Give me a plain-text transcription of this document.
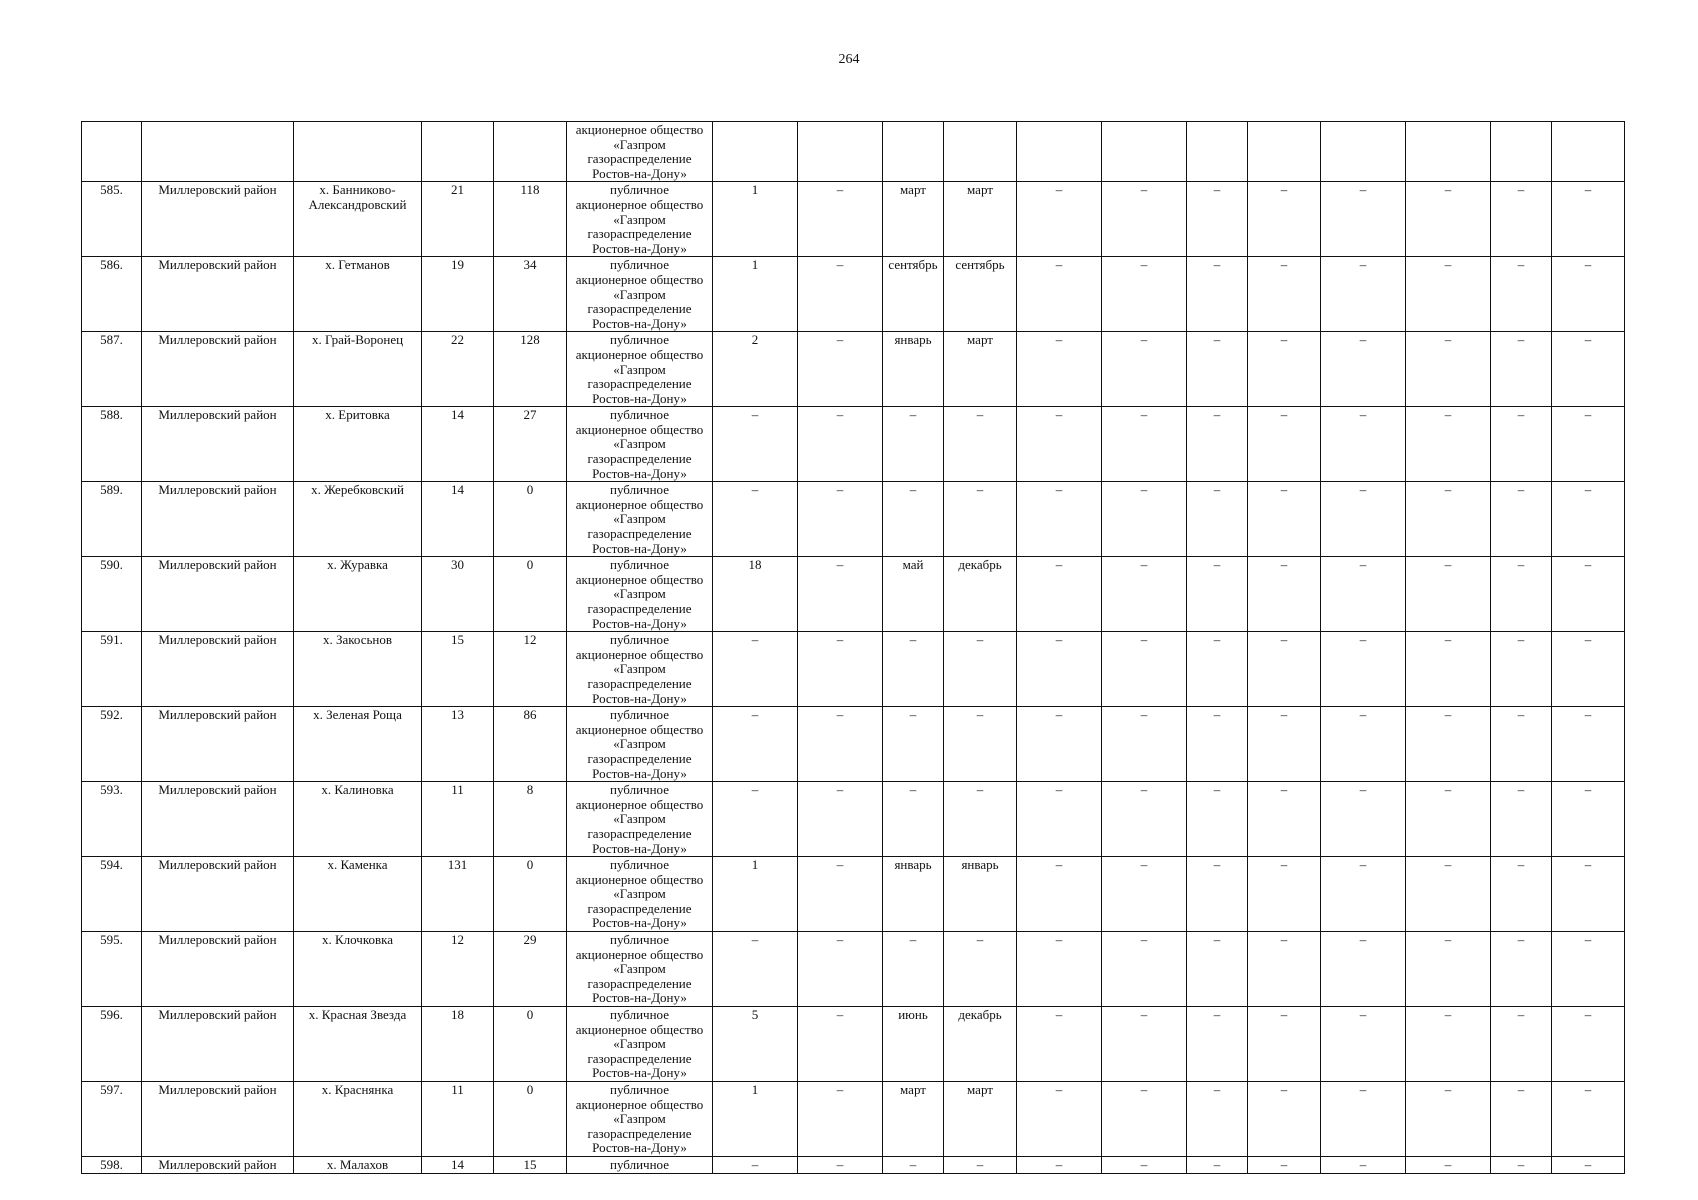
264

					акционерное общество
«Газпром
газораспределение
Ростов-на-Дону»												

585.	Миллеровский район	х. Банниково-Александровский	21	118	публичное
акционерное общество
«Газпром
газораспределение
Ростов-на-Дону»	1	–	март	март	–	–	–	–	–	–	–	–
586.	Миллеровский район	х. Гетманов	19	34	публичное
акционерное общество
«Газпром
газораспределение
Ростов-на-Дону»	1	–	сентябрь	сентябрь	–	–	–	–	–	–	–	–
587.	Миллеровский район	х. Грай-Воронец	22	128	публичное
акционерное общество
«Газпром
газораспределение
Ростов-на-Дону»	2	–	январь	март	–	–	–	–	–	–	–	–
588.	Миллеровский район	х. Еритовка	14	27	публичное
акционерное общество
«Газпром
газораспределение
Ростов-на-Дону»	–	–	–	–	–	–	–	–	–	–	–	–
589.	Миллеровский район	х. Жеребковский	14	0	публичное
акционерное общество
«Газпром
газораспределение
Ростов-на-Дону»	–	–	–	–	–	–	–	–	–	–	–	–
590.	Миллеровский район	х. Журавка	30	0	публичное
акционерное общество
«Газпром
газораспределение
Ростов-на-Дону»	18	–	май	декабрь	–	–	–	–	–	–	–	–
591.	Миллеровский район	х. Закосьнов	15	12	публичное
акционерное общество
«Газпром
газораспределение
Ростов-на-Дону»	–	–	–	–	–	–	–	–	–	–	–	–
592.	Миллеровский район	х. Зеленая Роща	13	86	публичное
акционерное общество
«Газпром
газораспределение
Ростов-на-Дону»	–	–	–	–	–	–	–	–	–	–	–	–
593.	Миллеровский район	х. Калиновка	11	8	публичное
акционерное общество
«Газпром
газораспределение
Ростов-на-Дону»	–	–	–	–	–	–	–	–	–	–	–	–
594.	Миллеровский район	х. Каменка	131	0	публичное
акционерное общество
«Газпром
газораспределение
Ростов-на-Дону»	1	–	январь	январь	–	–	–	–	–	–	–	–
595.	Миллеровский район	х. Клочковка	12	29	публичное
акционерное общество
«Газпром
газораспределение
Ростов-на-Дону»	–	–	–	–	–	–	–	–	–	–	–	–
596.	Миллеровский район	х. Красная Звезда	18	0	публичное
акционерное общество
«Газпром
газораспределение
Ростов-на-Дону»	5	–	июнь	декабрь	–	–	–	–	–	–	–	–
597.	Миллеровский район	х. Краснянка	11	0	публичное
акционерное общество
«Газпром
газораспределение
Ростов-на-Дону»	1	–	март	март	–	–	–	–	–	–	–	–
598.	Миллеровский район	х. Малахов	14	15	публичное	–	–	–	–	–	–	–	–	–	–	–	–
